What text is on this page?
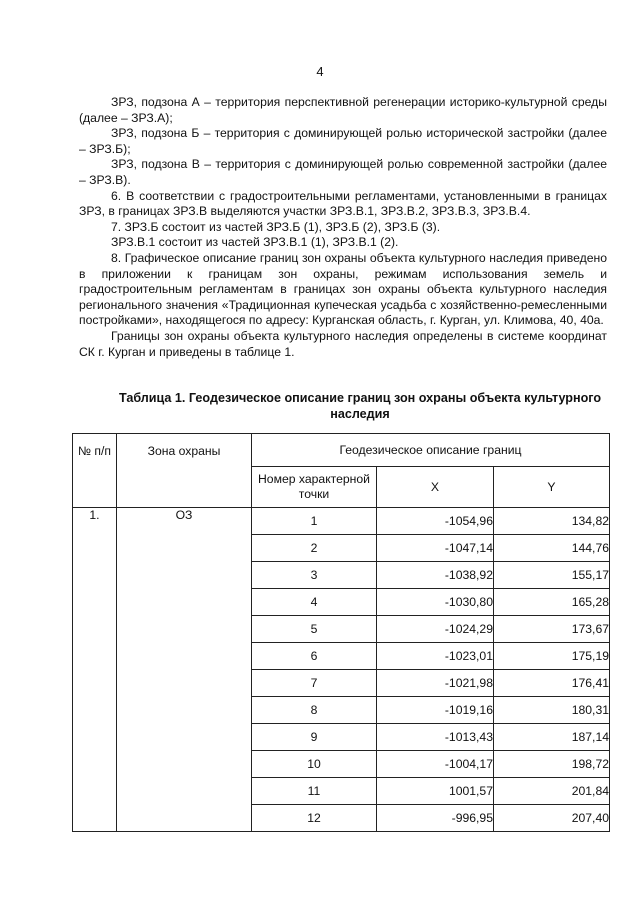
4

ЗРЗ, подзона А – территория перспективной регенерации историко-культурной среды (далее – ЗРЗ.А);

ЗРЗ, подзона Б – территория с доминирующей ролью исторической застройки (далее – ЗРЗ.Б);

ЗРЗ, подзона В – территория с доминирующей ролью современной застройки (далее – ЗРЗ.В).

6. В соответствии с градостроительными регламентами, установленными в границах ЗРЗ, в границах ЗРЗ.В выделяются участки ЗРЗ.В.1, ЗРЗ.В.2, ЗРЗ.В.3, ЗРЗ.В.4.

7. ЗРЗ.Б состоит из частей ЗРЗ.Б (1), ЗРЗ.Б (2), ЗРЗ.Б (3).

ЗРЗ.В.1 состоит из частей ЗРЗ.В.1 (1), ЗРЗ.В.1 (2).

8. Графическое описание границ зон охраны объекта культурного наследия приведено в приложении к границам зон охраны, режимам использования земель и градостроительным регламентам в границах зон охраны объекта культурного наследия регионального значения «Традиционная купеческая усадьба с хозяйственно-ремесленными постройками», находящегося по адресу: Курганская область, г. Курган, ул. Климова, 40, 40а.

Границы зон охраны объекта культурного наследия определены в системе координат СК г. Курган и приведены в таблице 1.

Таблица 1. Геодезическое описание границ зон охраны объекта культурного наследия
№ п/п	Зона охраны	Геодезическое описание границ		
		Номер характерной точки	X	Y
1.	ОЗ	1	-1054,96	134,82
		2	-1047,14	144,76
		3	-1038,92	155,17
		4	-1030,80	165,28
		5	-1024,29	173,67
		6	-1023,01	175,19
		7	-1021,98	176,41
		8	-1019,16	180,31
		9	-1013,43	187,14
		10	-1004,17	198,72
		11	1001,57	201,84
		12	-996,95	207,40
